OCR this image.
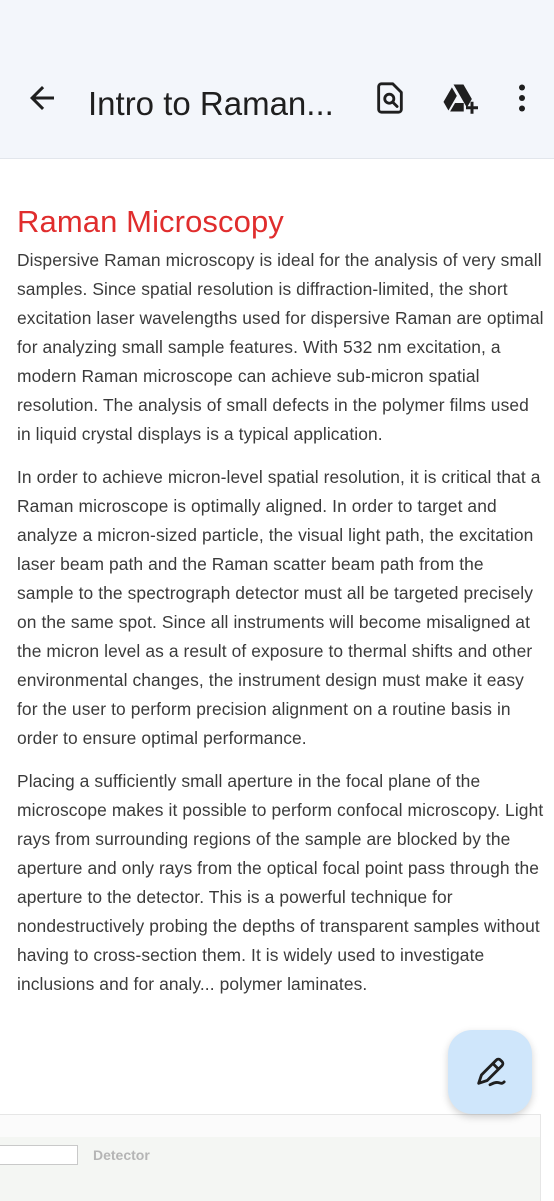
Intro to Raman...
Raman Microscopy

Dispersive Raman microscopy is ideal for the analysis of very small samples. Since spatial resolution is diffraction-limited, the short excitation laser wavelengths used for dispersive Raman are optimal for analyzing small sample features. With 532 nm excitation, a modern Raman microscope can achieve sub-micron spatial resolution. The analysis of small defects in the polymer films used in liquid crystal displays is a typical application.

In order to achieve micron-level spatial resolution, it is critical that a Raman microscope is optimally aligned. In order to target and analyze a micron-sized particle, the visual light path, the excitation laser beam path and the Raman scatter beam path from the sample to the spectrograph detector must all be targeted precisely on the same spot. Since all instruments will become misaligned at the micron level as a result of exposure to thermal shifts and other environmental changes, the instrument design must make it easy for the user to perform precision alignment on a routine basis in order to ensure optimal performance.

Placing a sufficiently small aperture in the focal plane of the microscope makes it possible to perform confocal microscopy. Light rays from surrounding regions of the sample are blocked by the aperture and only rays from the optical focal point pass through the aperture to the detector. This is a powerful technique for nondestructively probing the depths of transparent samples without having to cross-section them. It is widely used to investigate inclusions and for analy... polymer laminates.

Detector
